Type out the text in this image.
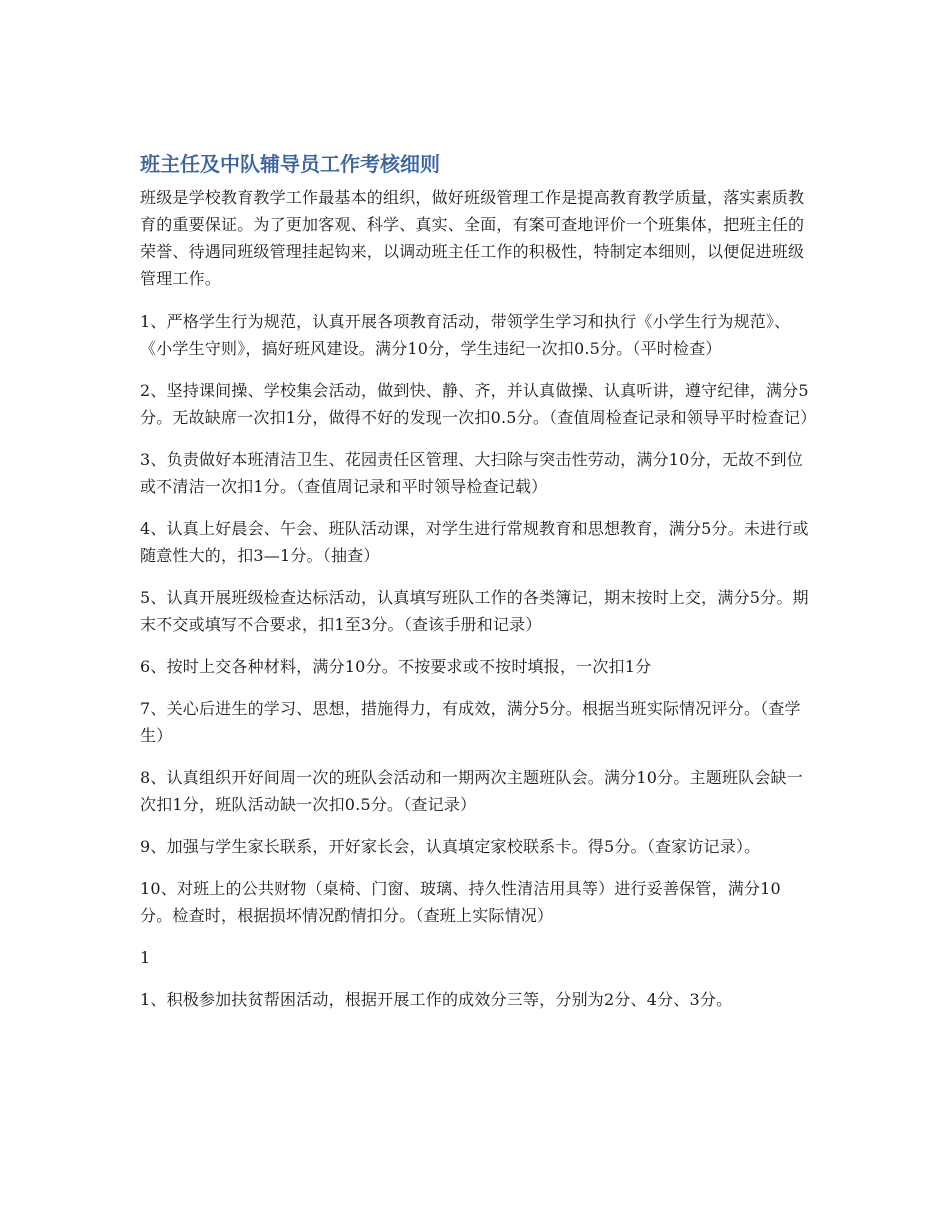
班主任及中队辅导员工作考核细则

班级是学校教育教学工作最基本的组织，做好班级管理工作是提高教育教学质量，落实素质教育的重要保证。为了更加客观、科学、真实、全面，有案可查地评价一个班集体，把班主任的荣誉、待遇同班级管理挂起钩来，以调动班主任工作的积极性，特制定本细则，以便促进班级管理工作。

1、严格学生行为规范，认真开展各项教育活动，带领学生学习和执行《小学生行为规范》、《小学生守则》，搞好班风建设。满分10分，学生违纪一次扣0.5分。（平时检查）

2、坚持课间操、学校集会活动，做到快、静、齐，并认真做操、认真听讲，遵守纪律，满分5分。无故缺席一次扣1分，做得不好的发现一次扣0.5分。（查值周检查记录和领导平时检查记）

3、负责做好本班清洁卫生、花园责任区管理、大扫除与突击性劳动，满分10分，无故不到位或不清洁一次扣1分。（查值周记录和平时领导检查记载）

4、认真上好晨会、午会、班队活动课，对学生进行常规教育和思想教育，满分5分。未进行或随意性大的，扣3—1分。（抽查）

5、认真开展班级检查达标活动，认真填写班队工作的各类簿记，期末按时上交，满分5分。期末不交或填写不合要求，扣1至3分。（查该手册和记录）

6、按时上交各种材料，满分10分。不按要求或不按时填报，一次扣1分

7、关心后进生的学习、思想，措施得力，有成效，满分5分。根据当班实际情况评分。（查学生）

8、认真组织开好间周一次的班队会活动和一期两次主题班队会。满分10分。主题班队会缺一次扣1分，班队活动缺一次扣0.5分。（查记录）

9、加强与学生家长联系，开好家长会，认真填定家校联系卡。得5分。（查家访记录）。

10、对班上的公共财物（桌椅、门窗、玻璃、持久性清洁用具等）进行妥善保管，满分10分。检查时，根据损坏情况酌情扣分。（查班上实际情况）

1

1、积极参加扶贫帮困活动，根据开展工作的成效分三等，分别为2分、4分、3分。
